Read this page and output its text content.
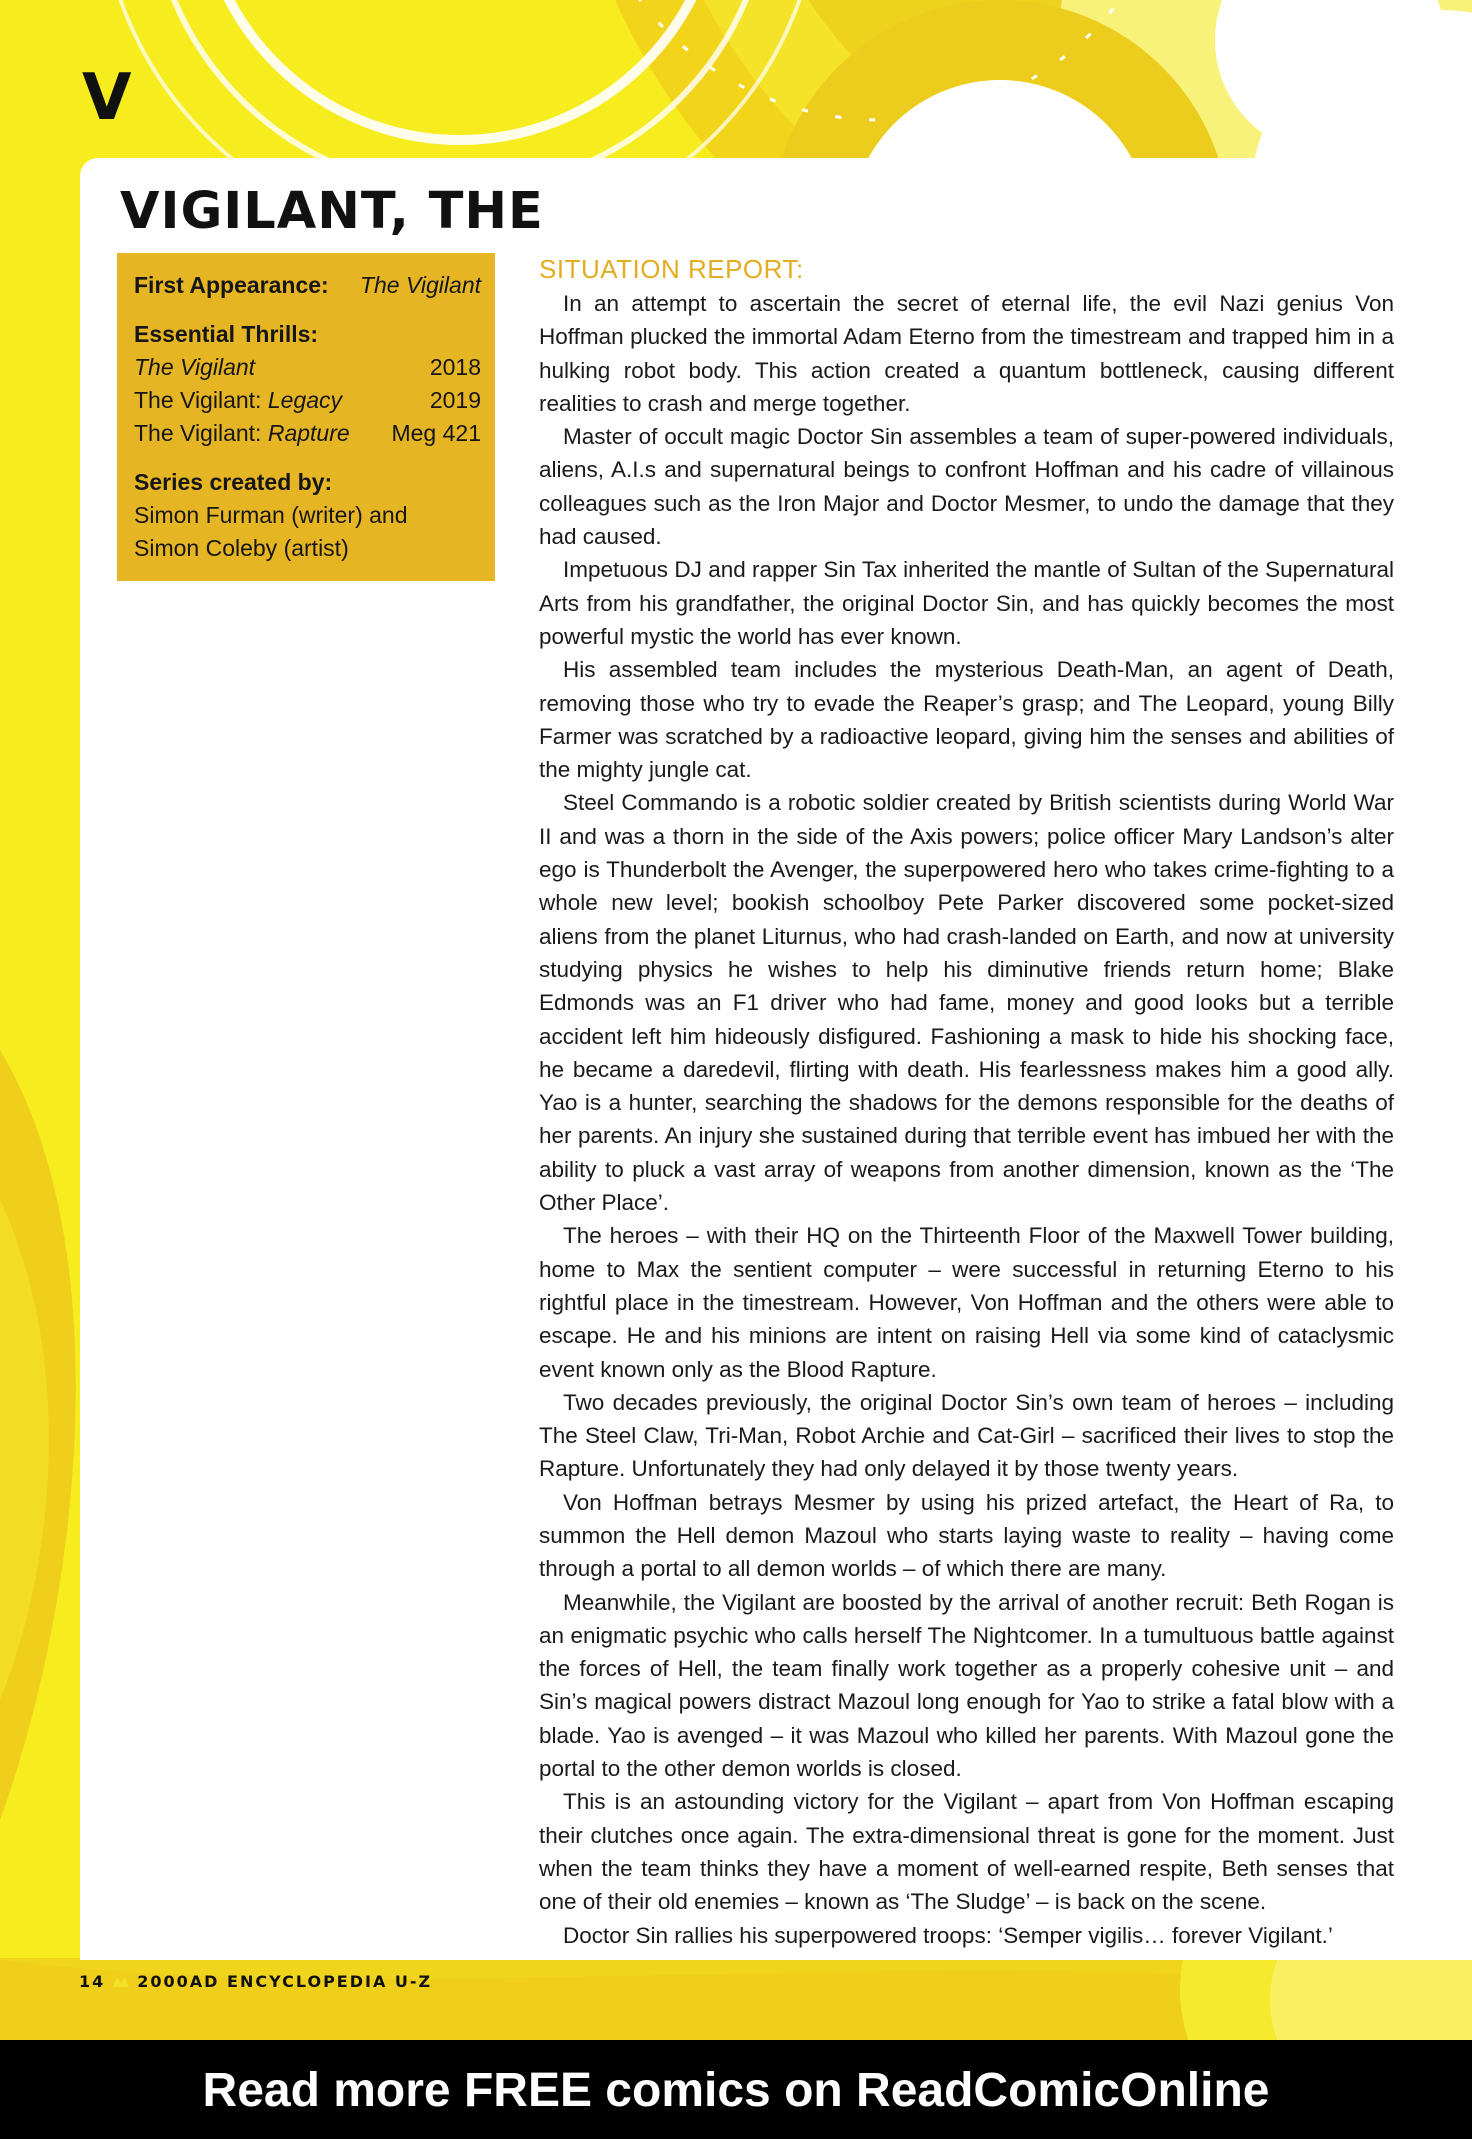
V
VIGILANT, THE
First Appearance: The Vigilant
Essential Thrills:
The Vigilant	2018
The Vigilant: Legacy	2019
The Vigilant: Rapture Meg 421
Series created by:
Simon Furman (writer) and
Simon Coleby (artist)
SITUATION REPORT:

In an attempt to ascertain the secret of eternal life, the evil Nazi genius Von Hoffman plucked the immortal Adam Eterno from the timestream and trapped him in a hulking robot body. This action created a quantum bottleneck, causing different realities to crash and merge together.

Master of occult magic Doctor Sin assembles a team of super-powered individuals, aliens, A.I.s and supernatural beings to confront Hoffman and his cadre of villainous colleagues such as the Iron Major and Doctor Mesmer, to undo the damage that they had caused.

Impetuous DJ and rapper Sin Tax inherited the mantle of Sultan of the Supernatural Arts from his grandfather, the original Doctor Sin, and has quickly becomes the most powerful mystic the world has ever known.

His assembled team includes the mysterious Death-Man, an agent of Death, removing those who try to evade the Reaper’s grasp; and The Leopard, young Billy Farmer was scratched by a radioactive leopard, giving him the senses and abilities of the mighty jungle cat.

Steel Commando is a robotic soldier created by British scientists during World War II and was a thorn in the side of the Axis powers; police officer Mary Landson’s alter ego is Thunderbolt the Avenger, the superpowered hero who takes crime-fighting to a whole new level; bookish schoolboy Pete Parker discovered some pocket-sized aliens from the planet Liturnus, who had crash-landed on Earth, and now at university studying physics he wishes to help his diminutive friends return home; Blake Edmonds was an F1 driver who had fame, money and good looks but a terrible accident left him hideously disfigured. Fashioning a mask to hide his shocking face, he became a daredevil, flirting with death. His fearlessness makes him a good ally. Yao is a hunter, searching the shadows for the demons responsible for the deaths of her parents. An injury she sustained during that terrible event has imbued her with the ability to pluck a vast array of weapons from another dimension, known as the ‘The Other Place’.

The heroes – with their HQ on the Thirteenth Floor of the Maxwell Tower building, home to Max the sentient computer – were successful in returning Eterno to his rightful place in the timestream. However, Von Hoffman and the others were able to escape. He and his minions are intent on raising Hell via some kind of cataclysmic event known only as the Blood Rapture.

Two decades previously, the original Doctor Sin’s own team of heroes – including The Steel Claw, Tri-Man, Robot Archie and Cat-Girl – sacrificed their lives to stop the Rapture. Unfortunately they had only delayed it by those twenty years.

Von Hoffman betrays Mesmer by using his prized artefact, the Heart of Ra, to summon the Hell demon Mazoul who starts laying waste to reality – having come through a portal to all demon worlds – of which there are many.

Meanwhile, the Vigilant are boosted by the arrival of another recruit: Beth Rogan is an enigmatic psychic who calls herself The Nightcomer. In a tumultuous battle against the forces of Hell, the team finally work together as a properly cohesive unit – and Sin’s magical powers distract Mazoul long enough for Yao to strike a fatal blow with a blade. Yao is avenged – it was Mazoul who killed her parents. With Mazoul gone the portal to the other demon worlds is closed.

This is an astounding victory for the Vigilant – apart from Von Hoffman escaping their clutches once again. The extra-dimensional threat is gone for the moment. Just when the team thinks they have a moment of well-earned respite, Beth senses that one of their old enemies – known as ‘The Sludge’ – is back on the scene.

Doctor Sin rallies his superpowered troops: ‘Semper vigilis… forever Vigilant.’

14 2000AD ENCYCLOPEDIA U-Z
Read more FREE comics on ReadComicOnline
